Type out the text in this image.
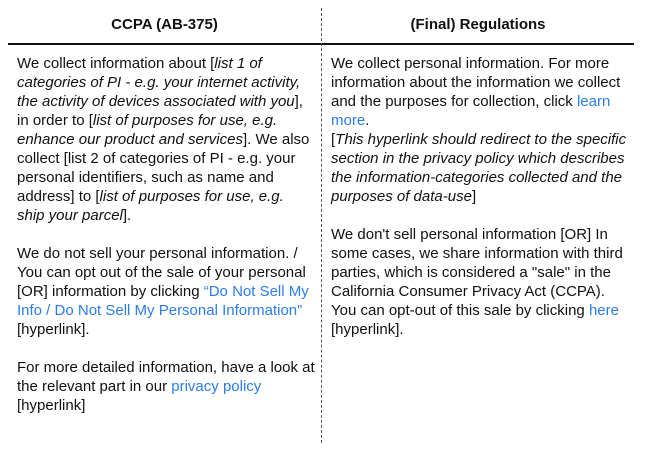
CCPA (AB-375)	(Final) Regulations

We collect information about [list 1 of categories of PI - e.g. your internet activity, the activity of devices associated with you], in order to [list of purposes for use, e.g. enhance our product and services]. We also collect [list 2 of categories of PI - e.g. your personal identifiers, such as name and address] to [list of purposes for use, e.g. ship your parcel].

We do not sell your personal information. / You can opt out of the sale of your personal [OR] information by clicking “Do Not Sell My Info / Do Not Sell My Personal Information” [hyperlink].

For more detailed information, have a look at the relevant part in our privacy policy [hyperlink]

We collect personal information. For more information about the information we collect and the purposes for collection, click learn more.
[This hyperlink should redirect to the specific section in the privacy policy which describes the information-categories collected and the purposes of data-use]

We don't sell personal information [OR] In some cases, we share information with third parties, which is considered a "sale" in the California Consumer Privacy Act (CCPA). You can opt-out of this sale by clicking here [hyperlink].
